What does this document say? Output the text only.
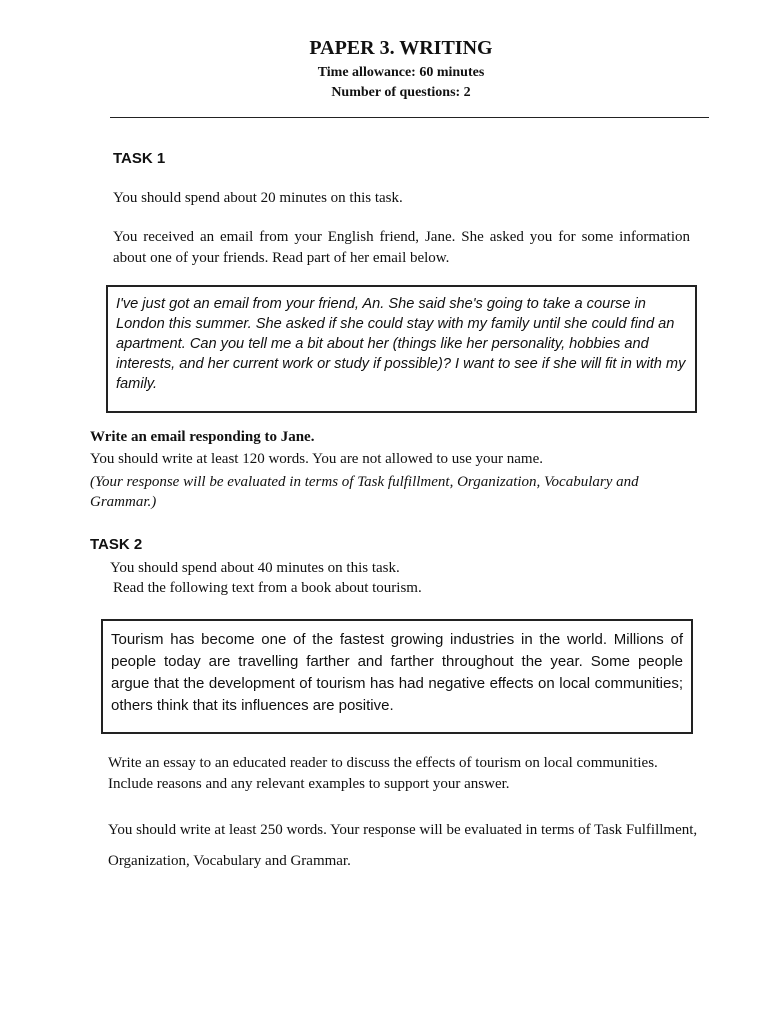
PAPER 3. WRITING
Time allowance: 60 minutes
Number of questions: 2
TASK 1
You should spend about 20 minutes on this task.
You received an email from your English friend, Jane. She asked you for some information about one of your friends. Read part of her email below.
I've just got an email from your friend, An. She said she's going to take a course in London this summer. She asked if she could stay with my family until she could find an apartment. Can you tell me a bit about her (things like her personality, hobbies and interests, and her current work or study if possible)? I want to see if she will fit in with my family.
Write an email responding to Jane.
You should write at least 120 words. You are not allowed to use your name.
(Your response will be evaluated in terms of Task fulfillment, Organization, Vocabulary and Grammar.)
TASK 2
You should spend about 40 minutes on this task.
Read the following text from a book about tourism.
Tourism has become one of the fastest growing industries in the world. Millions of people today are travelling farther and farther throughout the year. Some people argue that the development of tourism has had negative effects on local communities; others think that its influences are positive.
Write an essay to an educated reader to discuss the effects of tourism on local communities. Include reasons and any relevant examples to support your answer.
You should write at least 250 words. Your response will be evaluated in terms of Task Fulfillment, Organization, Vocabulary and Grammar.
